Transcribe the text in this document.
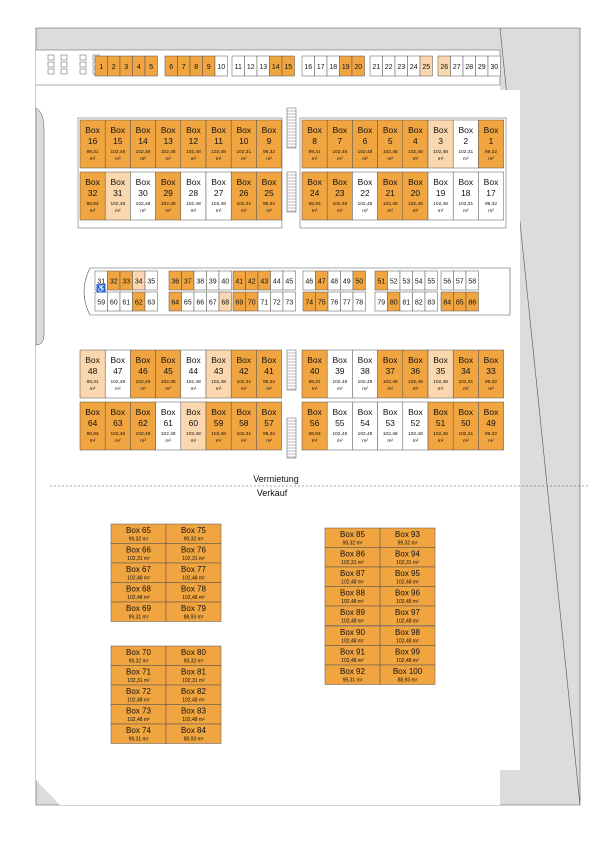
1 2 3 4 5 6 7 8 9 10 11 12 13 14 15 16 17 18 19 20 21 22 23 24 25 26 27 28 29 30
Box
16
99,31
m²
Box
15
102,48
m²
Box
14
102,48
m²
Box
13
102,48
m²
Box
12
102,48
m²
Box
11
102,48
m²
Box
10
102,31
m²
Box
9
99,32
m²
Box
8
99,31
m²
Box
7
102,48
m²
Box
6
102,48
m²
Box
5
102,48
m²
Box
4
102,48
m²
Box
3
102,48
m²
Box
2
102,31
m²
Box
1
99,32
m²
Box
32
88,93
m²
Box
31
102,48
m²
Box
30
102,48
m²
Box
29
102,48
m²
Box
28
102,48
m²
Box
27
102,48
m²
Box
26
102,31
m²
Box
25
99,32
m²
Box
24
88,93
m²
Box
23
102,48
m²
Box
22
102,48
m²
Box
21
102,48
m²
Box
20
102,48
m²
Box
19
102,48
m²
Box
18
102,31
m²
Box
17
99,32
m²
Box
48
99,31
m²
Box
47
102,48
m²
Box
46
102,48
m²
Box
45
102,48
m²
Box
44
102,48
m²
Box
43
102,48
m²
Box
42
102,31
m²
Box
41
99,32
m²
Box
40
99,31
m²
Box
39
102,48
m²
Box
38
102,48
m²
Box
37
102,48
m²
Box
36
102,48
m²
Box
35
102,48
m²
Box
34
102,31
m²
Box
33
99,32
m²
Box
64
88,93
m²
Box
63
102,48
m²
Box
62
102,48
m²
Box
61
102,48
m²
Box
60
102,48
m²
Box
59
102,48
m²
Box
58
102,31
m²
Box
57
99,32
m²
Box
56
88,93
m²
Box
55
102,48
m²
Box
54
102,48
m²
Box
53
102,48
m²
Box
52
102,48
m²
Box
51
102,48
m²
Box
50
102,31
m²
Box
49
99,32
m²
31 32 33 34 35 36 37 38 39 40 41 42 43 44 45 46 47 48 49 50 51 52 53 54 55 56 57 58
59 60 61 62 63 64 65 66 67 68 69 70 71 72 73 74 75 76 77 78 79 80 81 82 83 84 85 86
♿
Vermietung
Verkauf
Box 65
99,32 m²
Box 75
99,32 m²
Box 66
102,31 m²
Box 76
102,31 m²
Box 67
102,48 m²
Box 77
102,48 m²
Box 68
102,48 m²
Box 78
102,48 m²
Box 69
99,31 m²
Box 79
88,93 m²
Box 70
99,32 m²
Box 80
99,32 m²
Box 71
102,31 m²
Box 81
102,31 m²
Box 72
102,48 m²
Box 82
102,48 m²
Box 73
102,48 m²
Box 83
102,48 m²
Box 74
99,31 m²
Box 84
88,93 m²
Box 85
99,32 m²
Box 93
99,32 m²
Box 86
102,31 m²
Box 94
102,31 m²
Box 87
102,48 m²
Box 95
102,48 m²
Box 88
102,48 m²
Box 96
102,48 m²
Box 89
102,48 m²
Box 97
102,48 m²
Box 90
102,48 m²
Box 98
102,48 m²
Box 91
102,48 m²
Box 99
102,48 m²
Box 92
99,31 m²
Box 100
88,93 m²
